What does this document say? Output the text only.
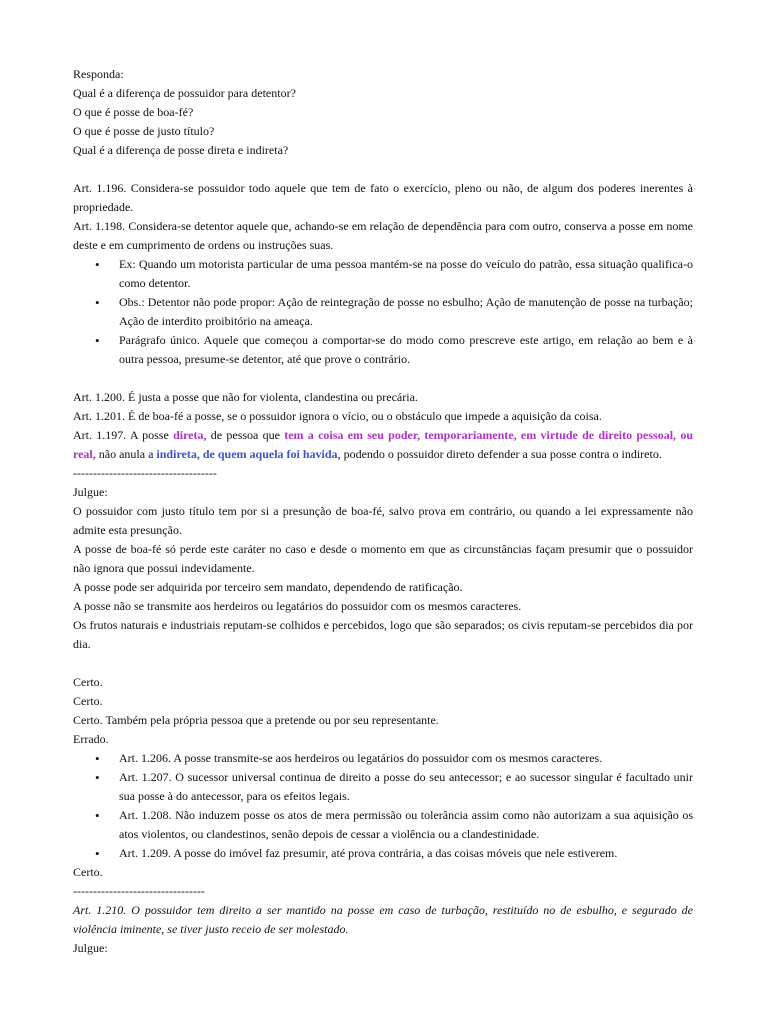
Responda:

Qual é a diferença de possuidor para detentor?

O que é posse de boa-fé?

O que é posse de justo título?

Qual é a diferença de posse direta e indireta?

Art. 1.196. Considera-se possuidor todo aquele que tem de fato o exercício, pleno ou não, de algum dos poderes inerentes à propriedade.

Art. 1.198. Considera-se detentor aquele que, achando-se em relação de dependência para com outro, conserva a posse em nome deste e em cumprimento de ordens ou instruções suas.

• Ex: Quando um motorista particular de uma pessoa mantém-se na posse do veículo do patrão, essa situação qualifica-o como detentor.
• Obs.: Detentor não pode propor: Ação de reintegração de posse no esbulho; Ação de manutenção de posse na turbação; Ação de interdito proibitório na ameaça.
• Parágrafo único. Aquele que começou a comportar-se do modo como prescreve este artigo, em relação ao bem e à outra pessoa, presume-se detentor, até que prove o contrário.

Art. 1.200. É justa a posse que não for violenta, clandestina ou precária.

Art. 1.201. É de boa-fé a posse, se o possuidor ignora o vício, ou o obstáculo que impede a aquisição da coisa.

Art. 1.197. A posse direta, de pessoa que tem a coisa em seu poder, temporariamente, em virtude de direito pessoal, ou real, não anula a indireta, de quem aquela foi havida, podendo o possuidor direto defender a sua posse contra o indireto.

------------------------------------

Julgue:

O possuidor com justo título tem por si a presunção de boa-fé, salvo prova em contrário, ou quando a lei expressamente não admite esta presunção.

A posse de boa-fé só perde este caráter no caso e desde o momento em que as circunstâncias façam presumir que o possuidor não ignora que possui indevidamente.

A posse pode ser adquirida por terceiro sem mandato, dependendo de ratificação.

A posse não se transmite aos herdeiros ou legatários do possuidor com os mesmos caracteres.

Os frutos naturais e industriais reputam-se colhidos e percebidos, logo que são separados; os civis reputam-se percebidos dia por dia.

Certo.

Certo.

Certo. Também pela própria pessoa que a pretende ou por seu representante.

Errado.

• Art. 1.206. A posse transmite-se aos herdeiros ou legatários do possuidor com os mesmos caracteres.
• Art. 1.207. O sucessor universal continua de direito a posse do seu antecessor; e ao sucessor singular é facultado unir sua posse à do antecessor, para os efeitos legais.
• Art. 1.208. Não induzem posse os atos de mera permissão ou tolerância assim como não autorizam a sua aquisição os atos violentos, ou clandestinos, senão depois de cessar a violência ou a clandestinidade.
• Art. 1.209. A posse do imóvel faz presumir, até prova contrária, a das coisas móveis que nele estiverem.

Certo.

---------------------------------

Art. 1.210. O possuidor tem direito a ser mantido na posse em caso de turbação, restituído no de esbulho, e segurado de violência iminente, se tiver justo receio de ser molestado.

Julgue:
